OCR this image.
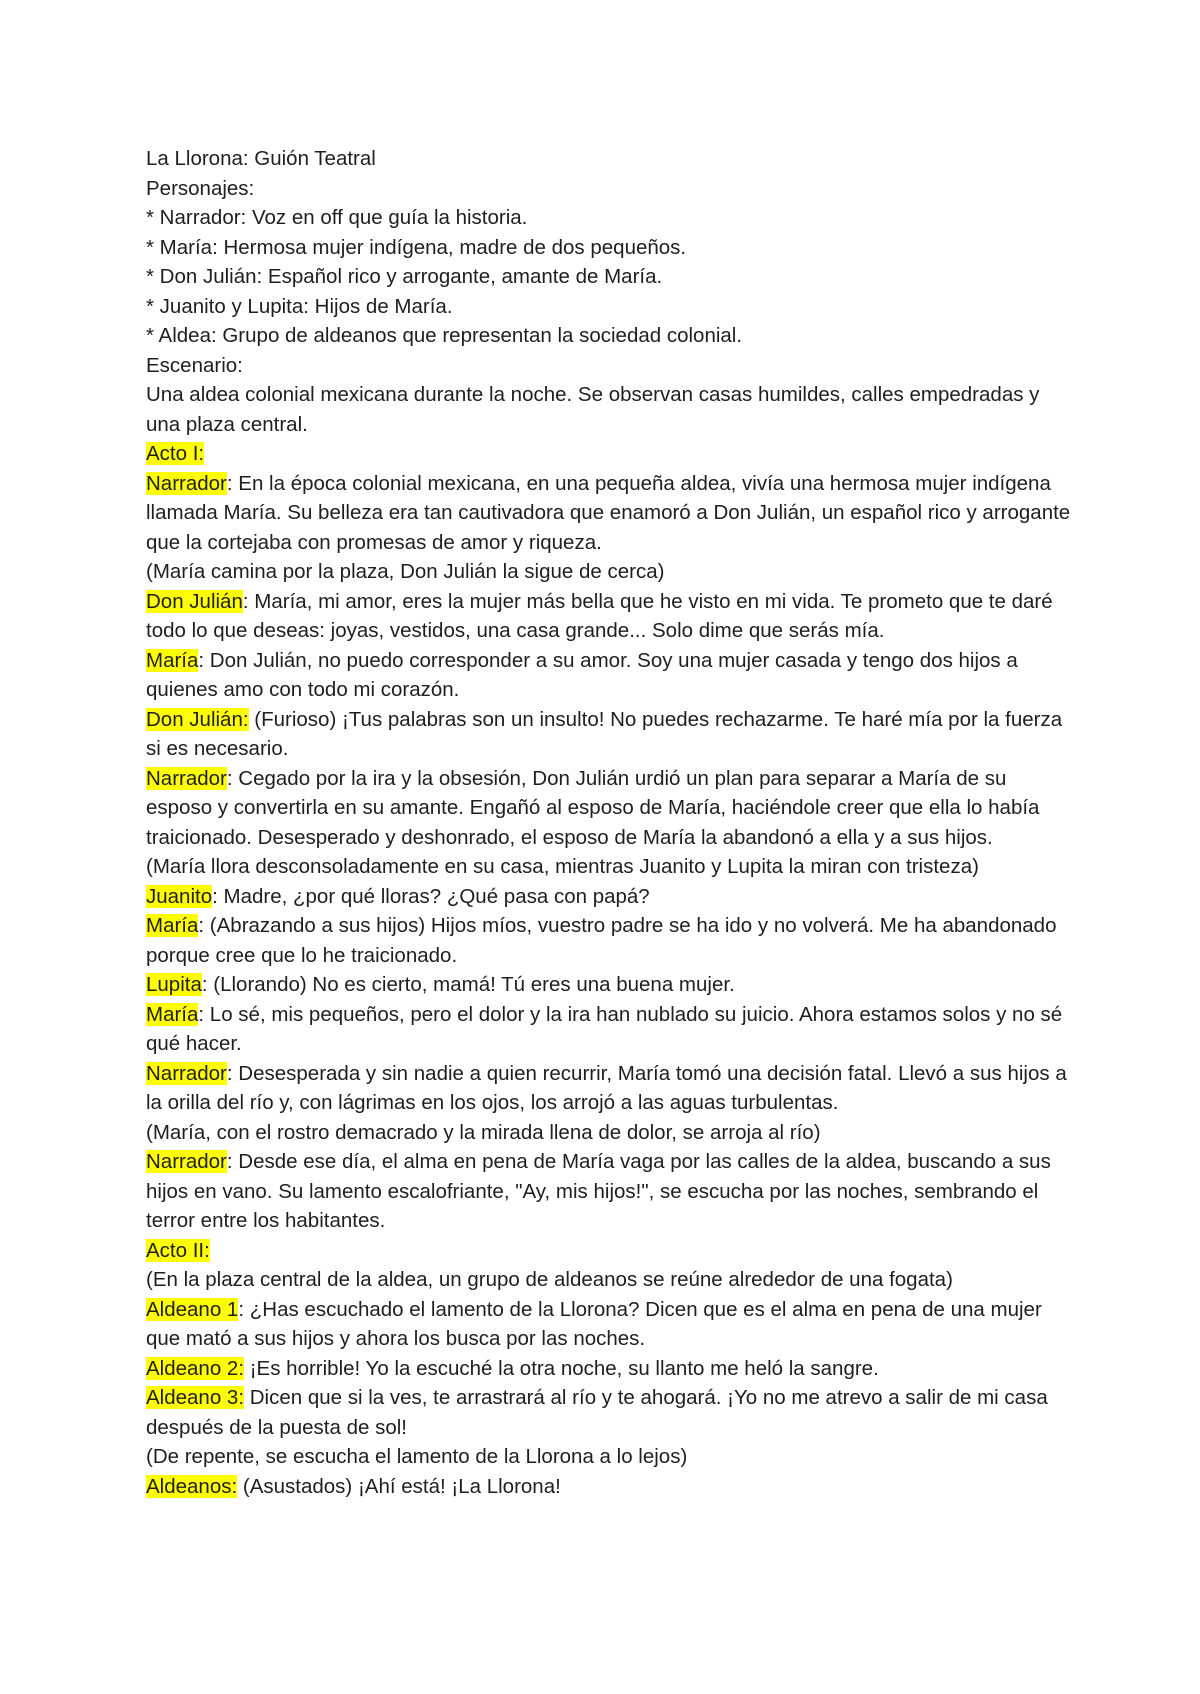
La Llorona: Guión Teatral

Personajes:

* Narrador: Voz en off que guía la historia.

* María: Hermosa mujer indígena, madre de dos pequeños.

* Don Julián: Español rico y arrogante, amante de María.

* Juanito y Lupita: Hijos de María.

* Aldea: Grupo de aldeanos que representan la sociedad colonial.

Escenario:

Una aldea colonial mexicana durante la noche. Se observan casas humildes, calles empedradas y una plaza central.

Acto I:

Narrador: En la época colonial mexicana, en una pequeña aldea, vivía una hermosa mujer indígena llamada María. Su belleza era tan cautivadora que enamoró a Don Julián, un español rico y arrogante que la cortejaba con promesas de amor y riqueza.

(María camina por la plaza, Don Julián la sigue de cerca)

Don Julián: María, mi amor, eres la mujer más bella que he visto en mi vida. Te prometo que te daré todo lo que deseas: joyas, vestidos, una casa grande... Solo dime que serás mía.

María: Don Julián, no puedo corresponder a su amor. Soy una mujer casada y tengo dos hijos a quienes amo con todo mi corazón.

Don Julián: (Furioso) ¡Tus palabras son un insulto! No puedes rechazarme. Te haré mía por la fuerza si es necesario.

Narrador: Cegado por la ira y la obsesión, Don Julián urdió un plan para separar a María de su esposo y convertirla en su amante. Engañó al esposo de María, haciéndole creer que ella lo había traicionado. Desesperado y deshonrado, el esposo de María la abandonó a ella y a sus hijos.

(María llora desconsoladamente en su casa, mientras Juanito y Lupita la miran con tristeza)

Juanito: Madre, ¿por qué lloras? ¿Qué pasa con papá?

María: (Abrazando a sus hijos) Hijos míos, vuestro padre se ha ido y no volverá. Me ha abandonado porque cree que lo he traicionado.

Lupita: (Llorando) No es cierto, mamá! Tú eres una buena mujer.

María: Lo sé, mis pequeños, pero el dolor y la ira han nublado su juicio. Ahora estamos solos y no sé qué hacer.

Narrador: Desesperada y sin nadie a quien recurrir, María tomó una decisión fatal. Llevó a sus hijos a la orilla del río y, con lágrimas en los ojos, los arrojó a las aguas turbulentas.

(María, con el rostro demacrado y la mirada llena de dolor, se arroja al río)

Narrador: Desde ese día, el alma en pena de María vaga por las calles de la aldea, buscando a sus hijos en vano. Su lamento escalofriante, "Ay, mis hijos!", se escucha por las noches, sembrando el terror entre los habitantes.

Acto II:

(En la plaza central de la aldea, un grupo de aldeanos se reúne alrededor de una fogata)

Aldeano 1: ¿Has escuchado el lamento de la Llorona? Dicen que es el alma en pena de una mujer que mató a sus hijos y ahora los busca por las noches.

Aldeano 2: ¡Es horrible! Yo la escuché la otra noche, su llanto me heló la sangre.

Aldeano 3: Dicen que si la ves, te arrastrará al río y te ahogará. ¡Yo no me atrevo a salir de mi casa después de la puesta de sol!

(De repente, se escucha el lamento de la Llorona a lo lejos)

Aldeanos: (Asustados) ¡Ahí está! ¡La Llorona!
